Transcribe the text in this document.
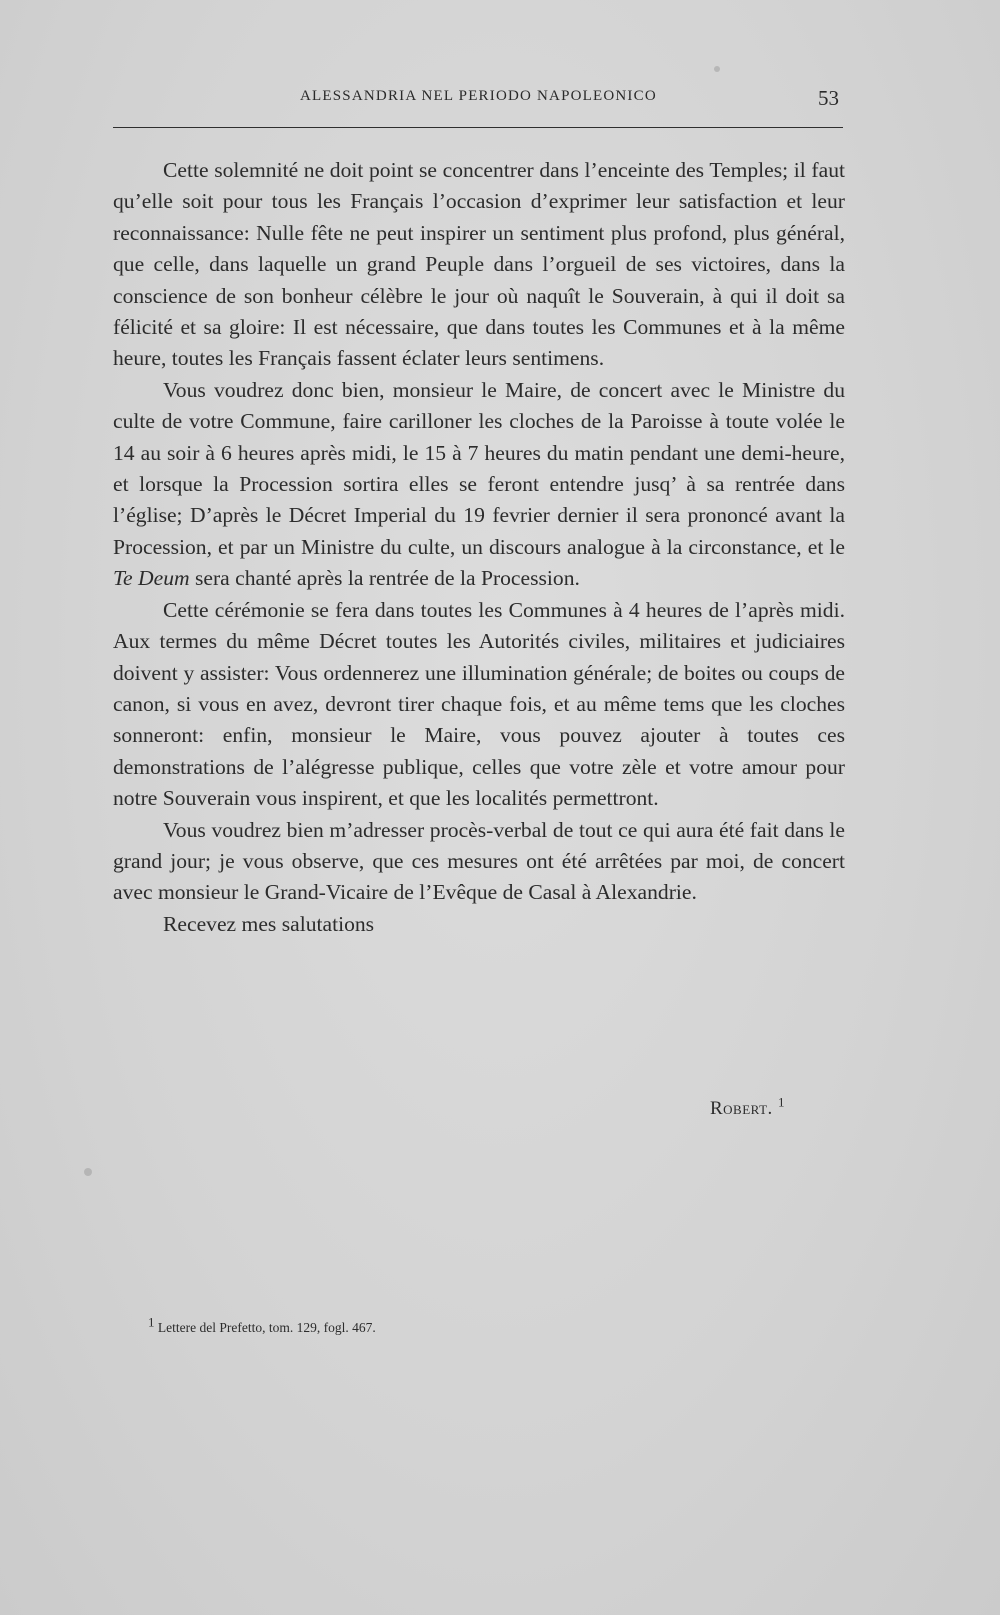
ALESSANDRIA NEL PERIODO NAPOLEONICO	53

Cette solemnité ne doit point se concentrer dans l’enceinte des Temples; il faut qu’elle soit pour tous les Français l’occasion d’exprimer leur satisfaction et leur reconnaissance: Nulle fête ne peut inspirer un sentiment plus profond, plus général, que celle, dans laquelle un grand Peuple dans l’orgueil de ses victoires, dans la conscience de son bonheur célèbre le jour où naquît le Souverain, à qui il doit sa félicité et sa gloire: Il est nécessaire, que dans toutes les Communes et à la même heure, toutes les Français fassent éclater leurs sentimens.

Vous voudrez donc bien, monsieur le Maire, de concert avec le Ministre du culte de votre Commune, faire carilloner les cloches de la Paroisse à toute volée le 14 au soir à 6 heures après midi, le 15 à 7 heures du matin pendant une demi-heure, et lorsque la Procession sortira elles se feront entendre jusq’ à sa rentrée dans l’église; D’après le Décret Imperial du 19 fevrier dernier il sera prononcé avant la Procession, et par un Ministre du culte, un discours analogue à la circonstance, et le Te Deum sera chanté après la rentrée de la Procession.

Cette cérémonie se fera dans toutes les Communes à 4 heures de l’après midi. Aux termes du même Décret toutes les Autorités civiles, militaires et judiciaires doivent y assister: Vous ordennerez une illumination générale; de boites ou coups de canon, si vous en avez, devront tirer chaque fois, et au même tems que les cloches sonneront: enfin, monsieur le Maire, vous pouvez ajouter à toutes ces demonstrations de l’alégresse publique, celles que votre zèle et votre amour pour notre Souverain vous inspirent, et que les localités permettront.

Vous voudrez bien m’adresser procès-verbal de tout ce qui aura été fait dans le grand jour; je vous observe, que ces mesures ont été arrêtées par moi, de concert avec monsieur le Grand-Vicaire de l’Evêque de Casal à Alexandrie.

Recevez mes salutations

Robert. $^1$
1 Lettere del Prefetto, tom. 129, fogl. 467.
